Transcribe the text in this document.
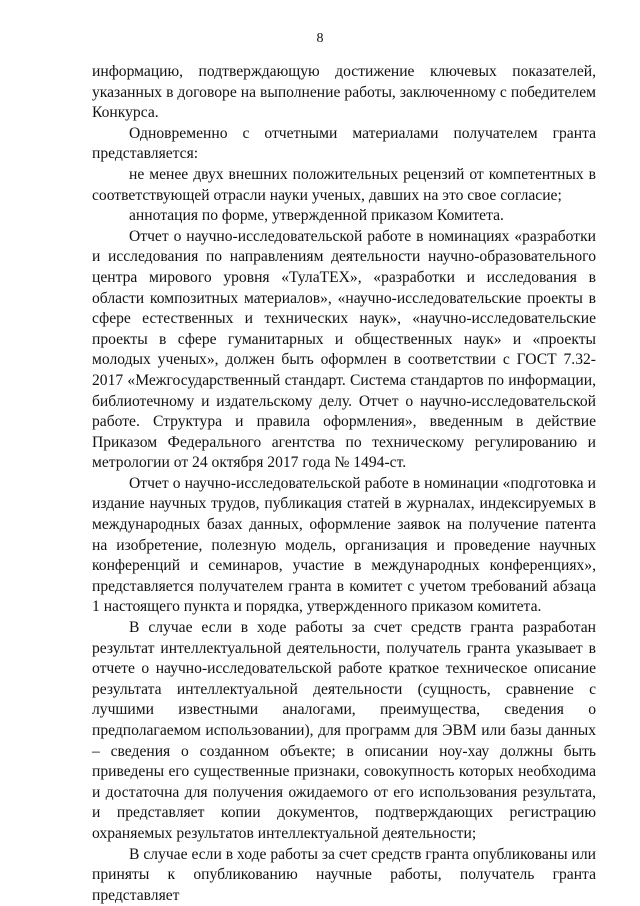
8

информацию, подтверждающую достижение ключевых показателей, указанных в договоре на выполнение работы, заключенному с победителем Конкурса.

Одновременно с отчетными материалами получателем гранта представляется:

не менее двух внешних положительных рецензий от компетентных в соответствующей отрасли науки ученых, давших на это свое согласие;

аннотация по форме, утвержденной приказом Комитета.

Отчет о научно-исследовательской работе в номинациях «разработки и исследования по направлениям деятельности научно-образовательного центра мирового уровня «ТулаТЕХ», «разработки и исследования в области композитных материалов», «научно-исследовательские проекты в сфере естественных и технических наук», «научно-исследовательские проекты в сфере гуманитарных и общественных наук» и «проекты молодых ученых», должен быть оформлен в соответствии с ГОСТ 7.32-2017 «Межгосударственный стандарт. Система стандартов по информации, библиотечному и издательскому делу. Отчет о научно-исследовательской работе. Структура и правила оформления», введенным в действие Приказом Федерального агентства по техническому регулированию и метрологии от 24 октября 2017 года № 1494-ст.

Отчет о научно-исследовательской работе в номинации «подготовка и издание научных трудов, публикация статей в журналах, индексируемых в международных базах данных, оформление заявок на получение патента на изобретение, полезную модель, организация и проведение научных конференций и семинаров, участие в международных конференциях», представляется получателем гранта в комитет с учетом требований абзаца 1 настоящего пункта и порядка, утвержденного приказом комитета.

В случае если в ходе работы за счет средств гранта разработан результат интеллектуальной деятельности, получатель гранта указывает в отчете о научно-исследовательской работе краткое техническое описание результата интеллектуальной деятельности (сущность, сравнение с лучшими известными аналогами, преимущества, сведения о предполагаемом использовании), для программ для ЭВМ или базы данных – сведения о созданном объекте; в описании ноу-хау должны быть приведены его существенные признаки, совокупность которых необходима и достаточна для получения ожидаемого от его использования результата, и представляет копии документов, подтверждающих регистрацию охраняемых результатов интеллектуальной деятельности;

В случае если в ходе работы за счет средств гранта опубликованы или приняты к опубликованию научные работы, получатель гранта представляет
